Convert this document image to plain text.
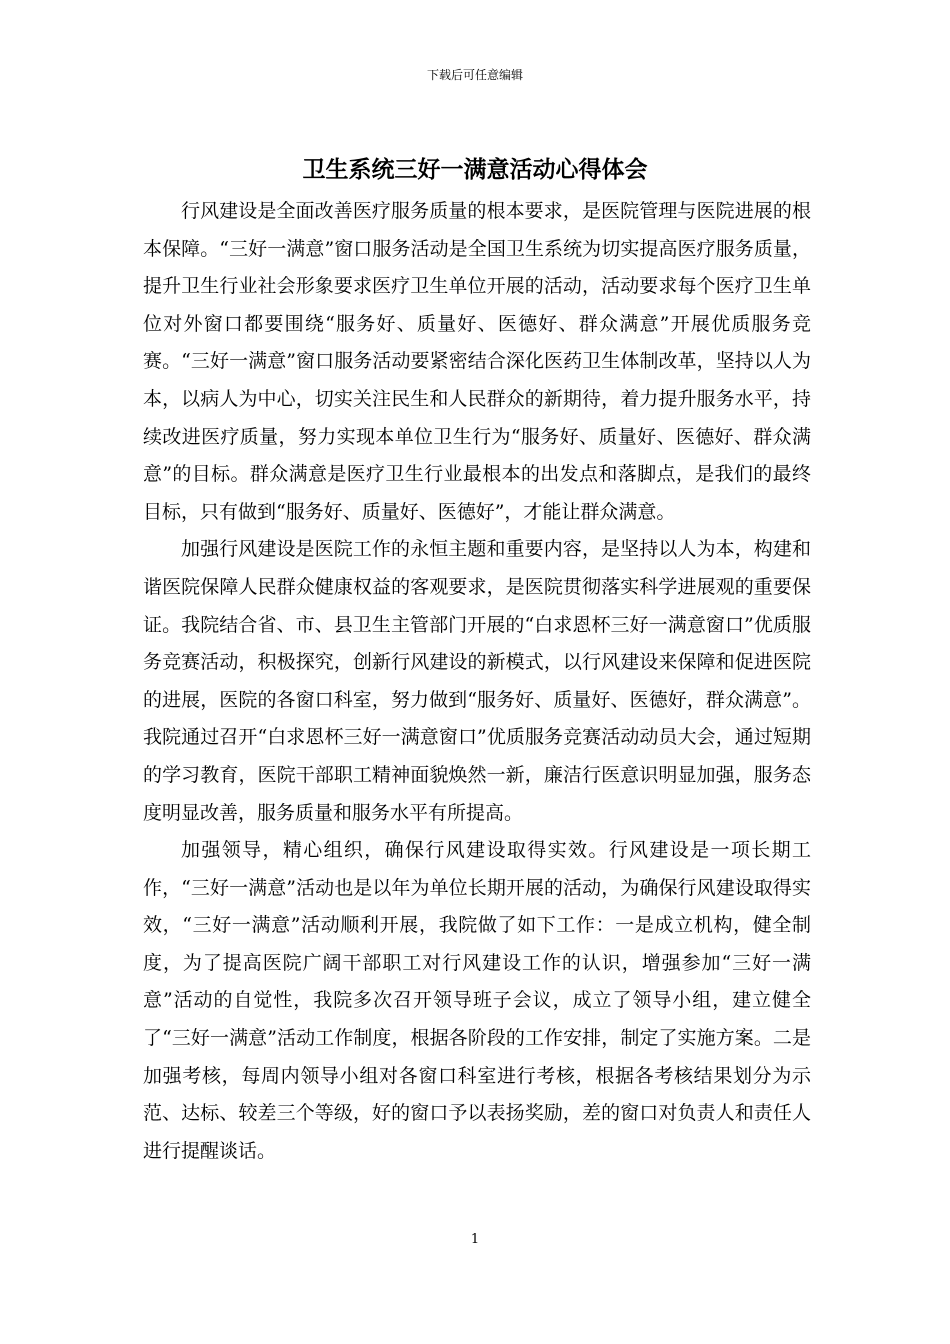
下载后可任意编辑
卫生系统三好一满意活动心得体会

行风建设是全面改善医疗服务质量的根本要求，是医院管理与医院进展的根本保障。“三好一满意”窗口服务活动是全国卫生系统为切实提高医疗服务质量，提升卫生行业社会形象要求医疗卫生单位开展的活动，活动要求每个医疗卫生单位对外窗口都要围绕“服务好、质量好、医德好、群众满意”开展优质服务竞赛。“三好一满意”窗口服务活动要紧密结合深化医药卫生体制改革，坚持以人为本，以病人为中心，切实关注民生和人民群众的新期待，着力提升服务水平，持续改进医疗质量，努力实现本单位卫生行为“服务好、质量好、医德好、群众满意”的目标。群众满意是医疗卫生行业最根本的出发点和落脚点，是我们的最终目标，只有做到“服务好、质量好、医德好”，才能让群众满意。

加强行风建设是医院工作的永恒主题和重要内容，是坚持以人为本，构建和谐医院保障人民群众健康权益的客观要求，是医院贯彻落实科学进展观的重要保证。我院结合省、市、县卫生主管部门开展的“白求恩杯三好一满意窗口”优质服务竞赛活动，积极探究，创新行风建设的新模式，以行风建设来保障和促进医院的进展，医院的各窗口科室，努力做到“服务好、质量好、医德好，群众满意”。我院通过召开“白求恩杯三好一满意窗口”优质服务竞赛活动动员大会，通过短期的学习教育，医院干部职工精神面貌焕然一新，廉洁行医意识明显加强，服务态度明显改善，服务质量和服务水平有所提高。

加强领导，精心组织，确保行风建设取得实效。行风建设是一项长期工作，“三好一满意”活动也是以年为单位长期开展的活动，为确保行风建设取得实效，“三好一满意”活动顺利开展，我院做了如下工作：一是成立机构，健全制度，为了提高医院广阔干部职工对行风建设工作的认识，增强参加“三好一满意”活动的自觉性，我院多次召开领导班子会议，成立了领导小组，建立健全了“三好一满意”活动工作制度，根据各阶段的工作安排，制定了实施方案。二是加强考核，每周内领导小组对各窗口科室进行考核，根据各考核结果划分为示范、达标、较差三个等级，好的窗口予以表扬奖励，差的窗口对负责人和责任人进行提醒谈话。

1
